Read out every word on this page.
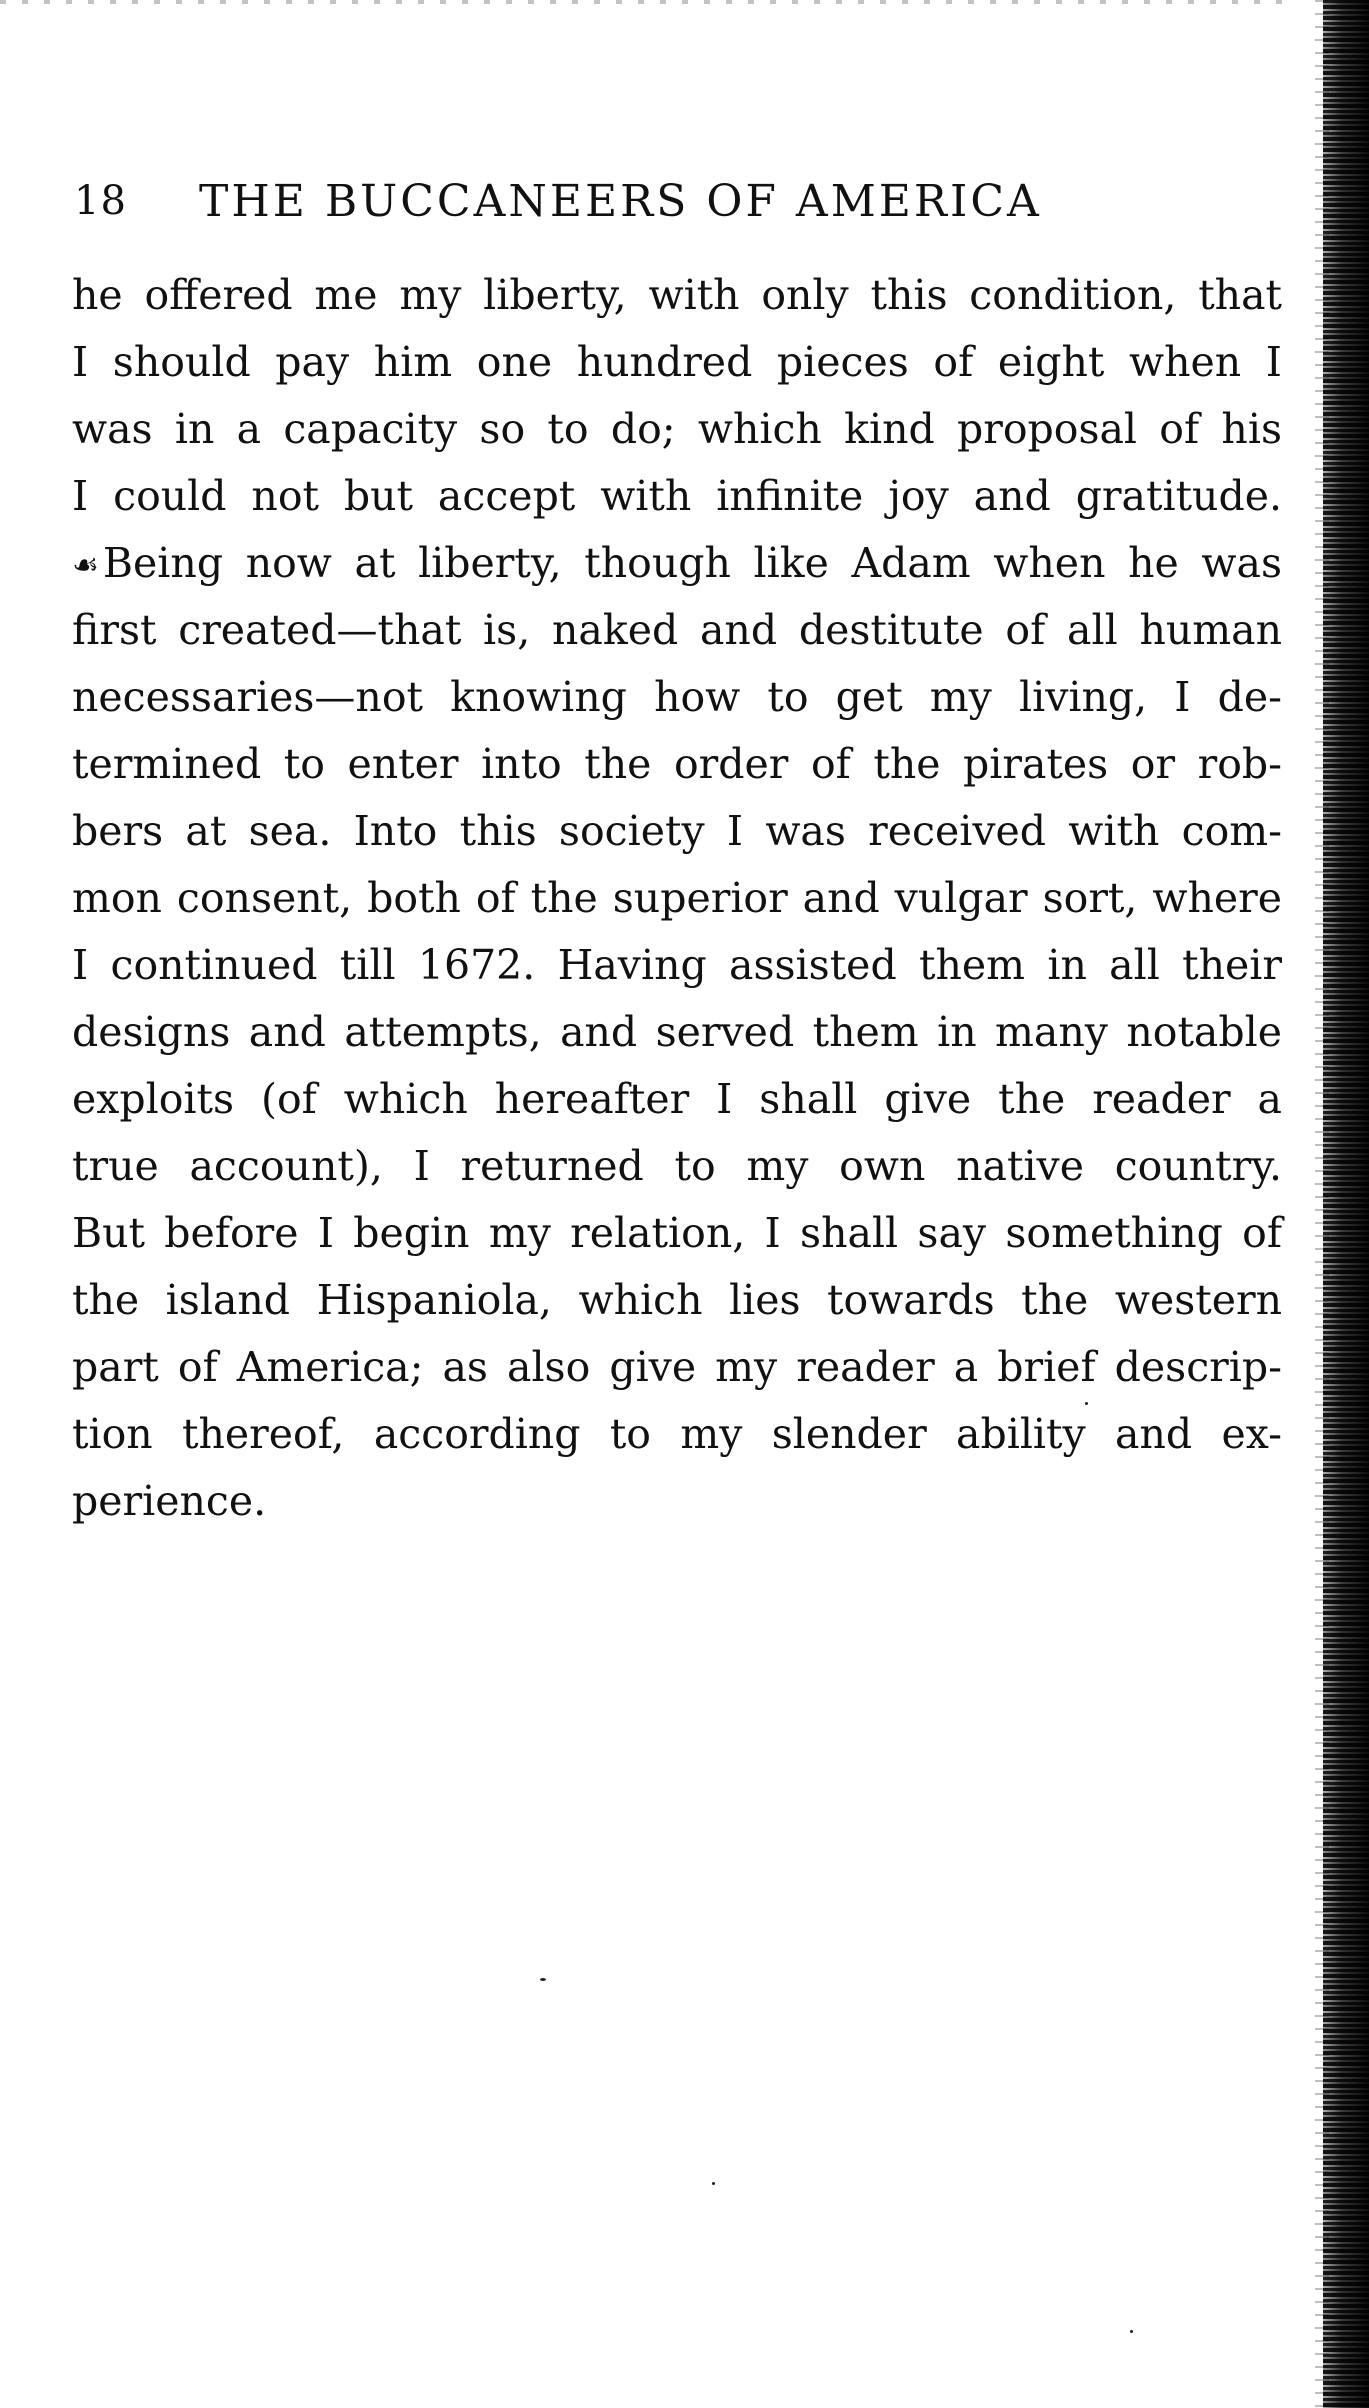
18 THE BUCCANEERS OF AMERICA
he offered me my liberty, with only this condition, that
I should pay him one hundred pieces of eight when I
was in a capacity so to do; which kind proposal of his
I could not but accept with infinite joy and gratitude.
☙Being now at liberty, though like Adam when he was
first created—that is, naked and destitute of all human
necessaries—not knowing how to get my living, I de-
termined to enter into the order of the pirates or rob-
bers at sea. Into this society I was received with com-
mon consent, both of the superior and vulgar sort, where
I continued till 1672. Having assisted them in all their
designs and attempts, and served them in many notable
exploits (of which hereafter I shall give the reader a
true account), I returned to my own native country.
But before I begin my relation, I shall say something of
the island Hispaniola, which lies towards the western
part of America; as also give my reader a brief descrip-
tion thereof, according to my slender ability and ex-
perience.
